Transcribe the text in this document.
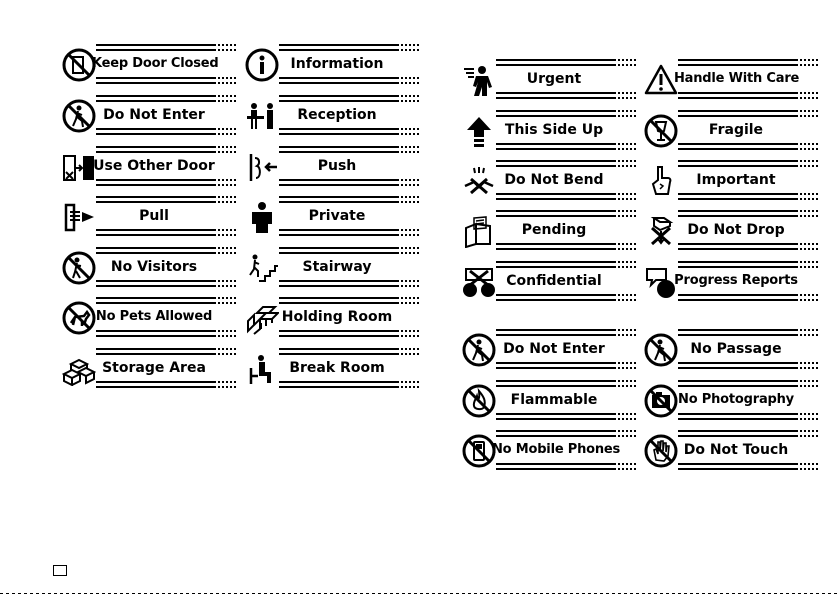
Keep Door Closed
Do Not Enter
Use Other Door
Pull
No Visitors
No Pets Allowed
Storage Area
Information
Reception
Push
Private
Stairway
Holding Room
Break Room
Urgent
This Side Up
Do Not Bend
Pending
Confidential
Do Not Enter
Flammable
No Mobile Phones
Handle With Care
Fragile
Important
Do Not Drop
Progress Reports
No Passage
No Photography
Do Not Touch
